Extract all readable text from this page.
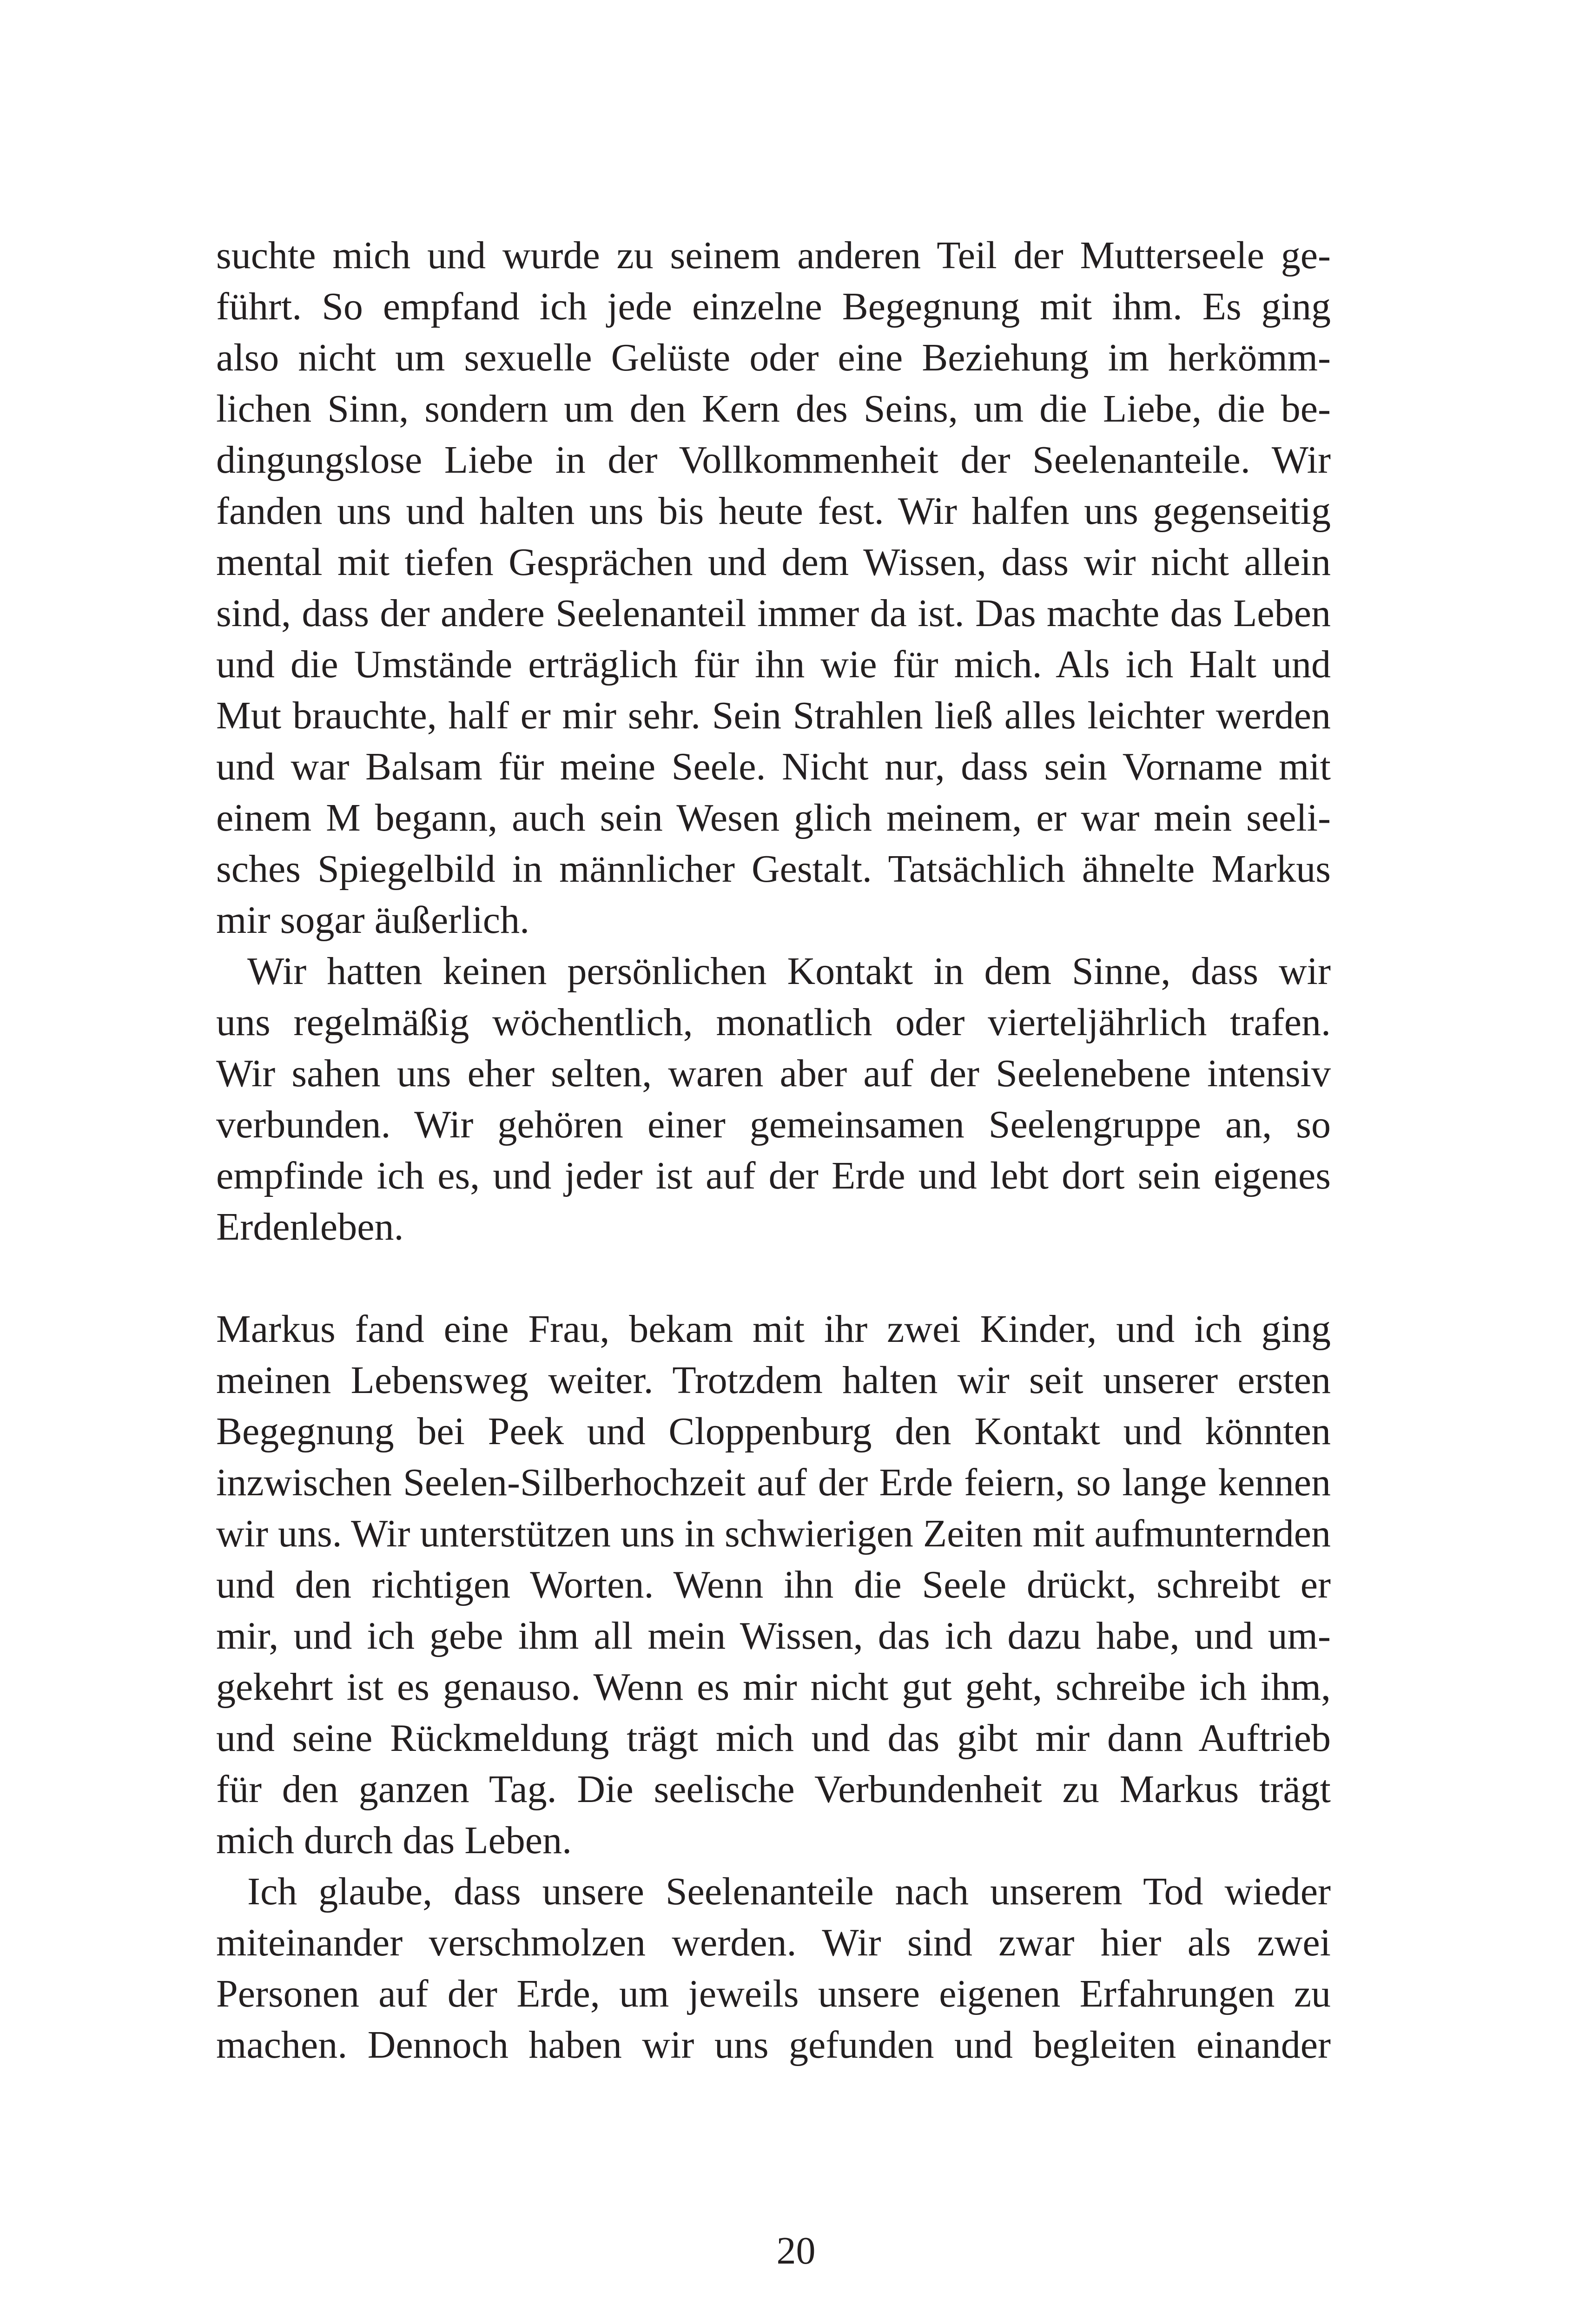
suchte mich und wurde zu seinem anderen Teil der Mutterseele ge-
führt. So empfand ich jede einzelne Begegnung mit ihm. Es ging
also nicht um sexuelle Gelüste oder eine Beziehung im herkömm-
lichen Sinn, sondern um den Kern des Seins, um die Liebe, die be-
dingungslose Liebe in der Vollkommenheit der Seelenanteile. Wir
fanden uns und halten uns bis heute fest. Wir halfen uns gegenseitig
mental mit tiefen Gesprächen und dem Wissen, dass wir nicht allein
sind, dass der andere Seelenanteil immer da ist. Das machte das Leben
und die Umstände erträglich für ihn wie für mich. Als ich Halt und
Mut brauchte, half er mir sehr. Sein Strahlen ließ alles leichter werden
und war Balsam für meine Seele. Nicht nur, dass sein Vorname mit
einem M begann, auch sein Wesen glich meinem, er war mein seeli-
sches Spiegelbild in männlicher Gestalt. Tatsächlich ähnelte Markus
mir sogar äußerlich.
Wir hatten keinen persönlichen Kontakt in dem Sinne, dass wir
uns regelmäßig wöchentlich, monatlich oder vierteljährlich trafen.
Wir sahen uns eher selten, waren aber auf der Seelenebene intensiv
verbunden. Wir gehören einer gemeinsamen Seelengruppe an, so
empfinde ich es, und jeder ist auf der Erde und lebt dort sein eigenes
Erdenleben.
Markus fand eine Frau, bekam mit ihr zwei Kinder, und ich ging
meinen Lebensweg weiter. Trotzdem halten wir seit unserer ersten
Begegnung bei Peek und Cloppenburg den Kontakt und könnten
inzwischen Seelen-Silberhochzeit auf der Erde feiern, so lange kennen
wir uns. Wir unterstützen uns in schwierigen Zeiten mit aufmunternden
und den richtigen Worten. Wenn ihn die Seele drückt, schreibt er
mir, und ich gebe ihm all mein Wissen, das ich dazu habe, und um-
gekehrt ist es genauso. Wenn es mir nicht gut geht, schreibe ich ihm,
und seine Rückmeldung trägt mich und das gibt mir dann Auftrieb
für den ganzen Tag. Die seelische Verbundenheit zu Markus trägt
mich durch das Leben.
Ich glaube, dass unsere Seelenanteile nach unserem Tod wieder
miteinander verschmolzen werden. Wir sind zwar hier als zwei
Personen auf der Erde, um jeweils unsere eigenen Erfahrungen zu
machen. Dennoch haben wir uns gefunden und begleiten einander
20
